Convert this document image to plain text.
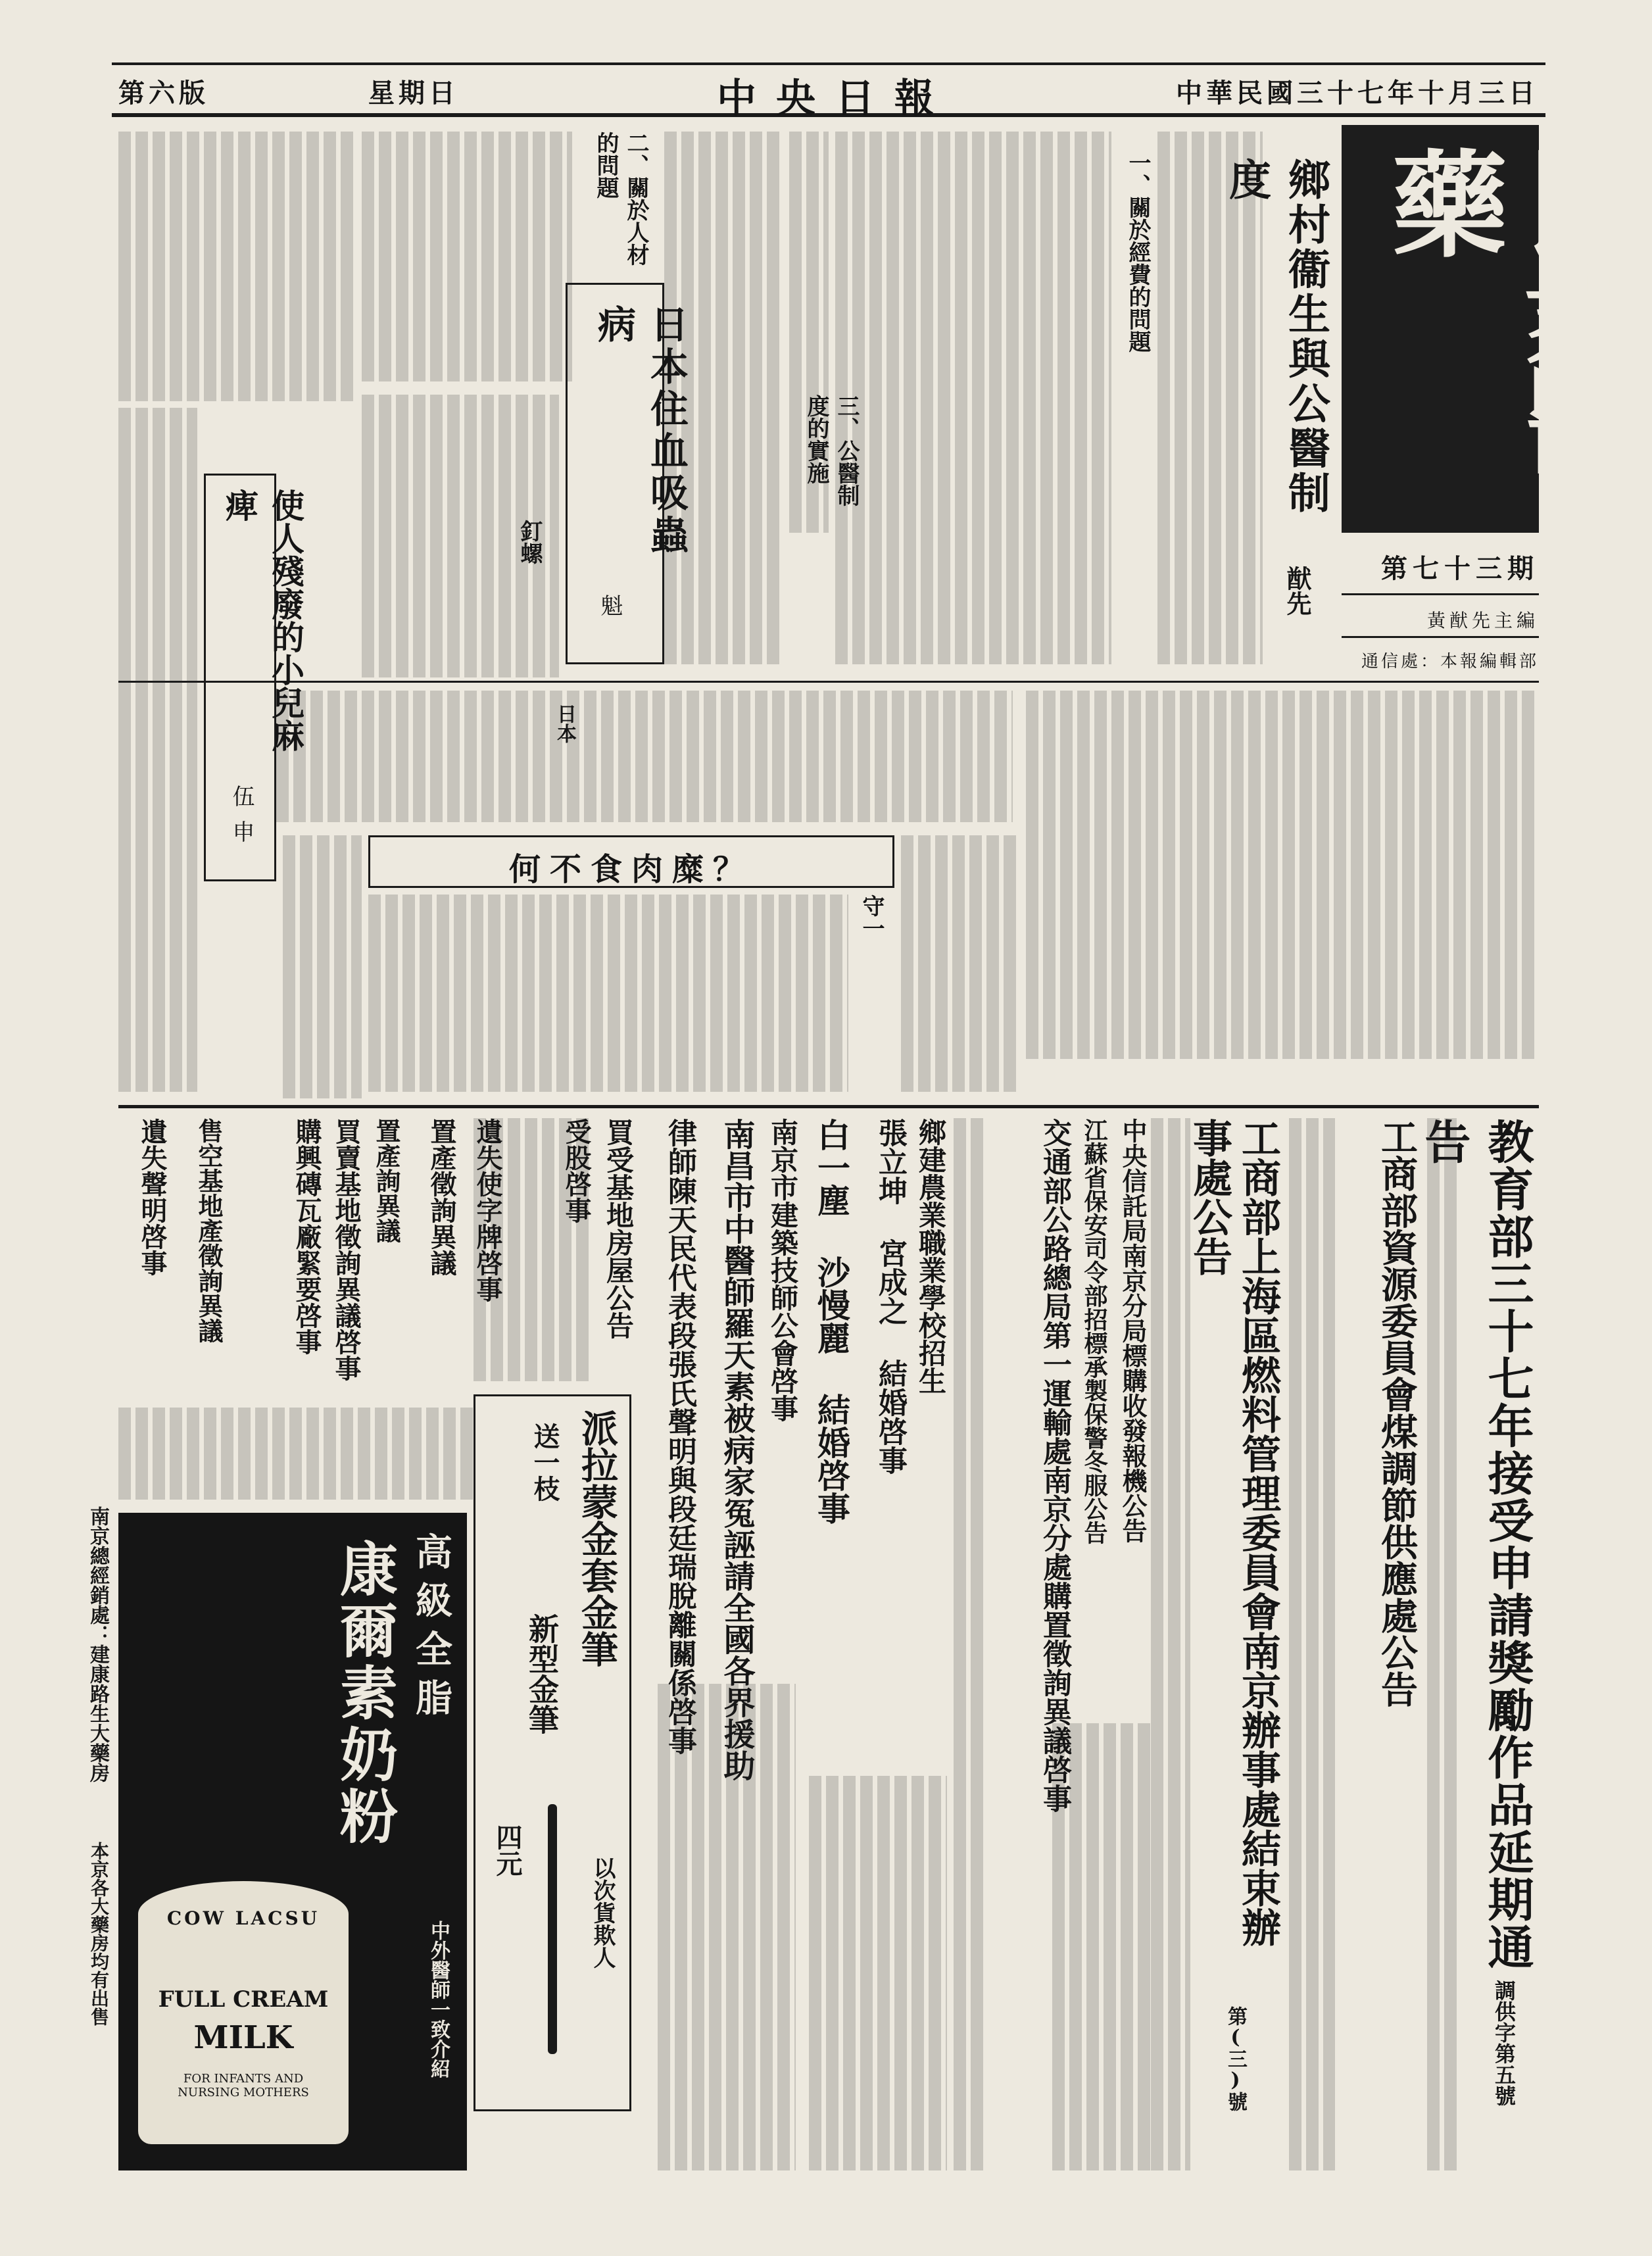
中華民國三十七年十月三日
中央日報
星期日
第六版
民衆醫藥
第七十三期
黃猷先主編
通信處：本報編輯部
鄉村衞生與公醫制度
猷先
一、關於經費的問題
三、公醫制度的實施
二、關於人材的問題
日本住血吸蟲病
魁
釘螺
日本
使人殘廢的小兒麻痺
伍申
何不食肉糜？
守一
教育部三十七年接受申請獎勵作品延期通告
調供字第五號
工商部資源委員會煤調節供應處公告
工商部上海區燃料管理委員會南京辦事處結束辦事處公告
第(三)號
中央信託局南京分局標購收發報機公告
江蘇省保安司令部招標承製保警冬服公告
交通部公路總局第一運輸處南京分處購置徵詢異議啓事
鄉建農業職業學校招生
張立坤 宮成之 結婚啓事
白一塵 沙慢麗 結婚啓事
南京市建築技師公會啓事
南昌市中醫師羅天素被病家冤誣請全國各界援助
律師陳天民代表段張氏聲明與段廷瑞脫離關係啓事
買受基地房屋公告
受股啓事
遺失使字牌啓事
置產徵詢異議
置產詢異議
買賣基地徵詢異議啓事
購興磚瓦廠緊要啓事
售空基地產徵詢異議
遺失聲明啓事
派拉蒙金套金筆
送一枝
新型金筆
四元
以次貨欺人
高級全脂
康爾素奶粉
COW LACSU
FULL CREAM
MILK
FOR INFANTS AND NURSING MOTHERS
中外醫師一致介紹
南京總經銷處：建康路生大藥房
本京各大藥房均有出售
